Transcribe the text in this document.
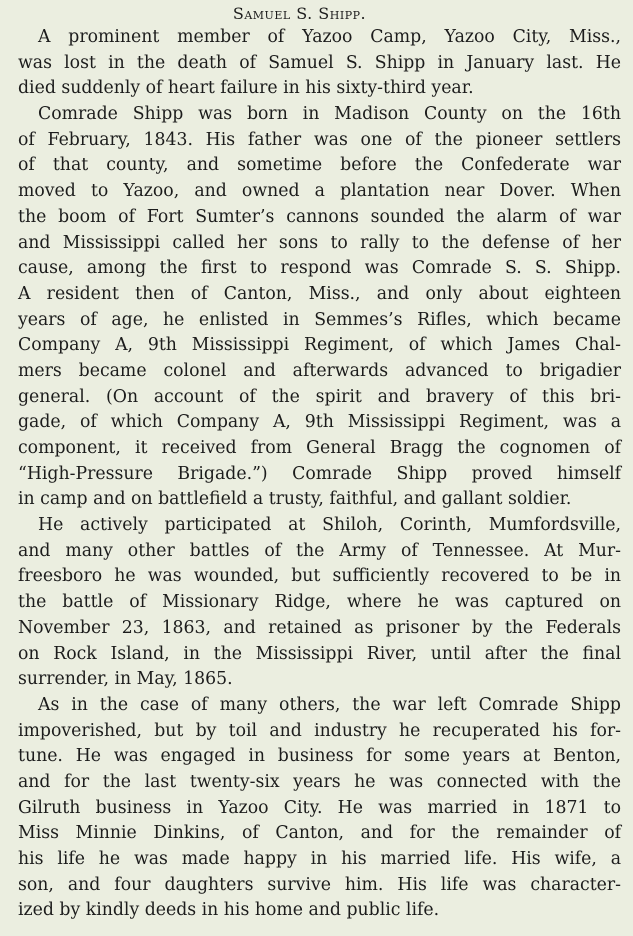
Samuel S. Shipp.
A prominent member of Yazoo Camp, Yazoo City, Miss.,
was lost in the death of Samuel S. Shipp in January last. He
died suddenly of heart failure in his sixty-third year.
Comrade Shipp was born in Madison County on the 16th
of February, 1843. His father was one of the pioneer settlers
of that county, and sometime before the Confederate war
moved to Yazoo, and owned a plantation near Dover. When
the boom of Fort Sumter’s cannons sounded the alarm of war
and Mississippi called her sons to rally to the defense of her
cause, among the first to respond was Comrade S. S. Shipp.
A resident then of Canton, Miss., and only about eighteen
years of age, he enlisted in Semmes’s Rifles, which became
Company A, 9th Mississippi Regiment, of which James Chal-
mers became colonel and afterwards advanced to brigadier
general. (On account of the spirit and bravery of this bri-
gade, of which Company A, 9th Mississippi Regiment, was a
component, it received from General Bragg the cognomen of
“High-Pressure Brigade.”) Comrade Shipp proved himself
in camp and on battlefield a trusty, faithful, and gallant soldier.
He actively participated at Shiloh, Corinth, Mumfordsville,
and many other battles of the Army of Tennessee. At Mur-
freesboro he was wounded, but sufficiently recovered to be in
the battle of Missionary Ridge, where he was captured on
November 23, 1863, and retained as prisoner by the Federals
on Rock Island, in the Mississippi River, until after the final
surrender, in May, 1865.
As in the case of many others, the war left Comrade Shipp
impoverished, but by toil and industry he recuperated his for-
tune. He was engaged in business for some years at Benton,
and for the last twenty-six years he was connected with the
Gilruth business in Yazoo City. He was married in 1871 to
Miss Minnie Dinkins, of Canton, and for the remainder of
his life he was made happy in his married life. His wife, a
son, and four daughters survive him. His life was character-
ized by kindly deeds in his home and public life.
